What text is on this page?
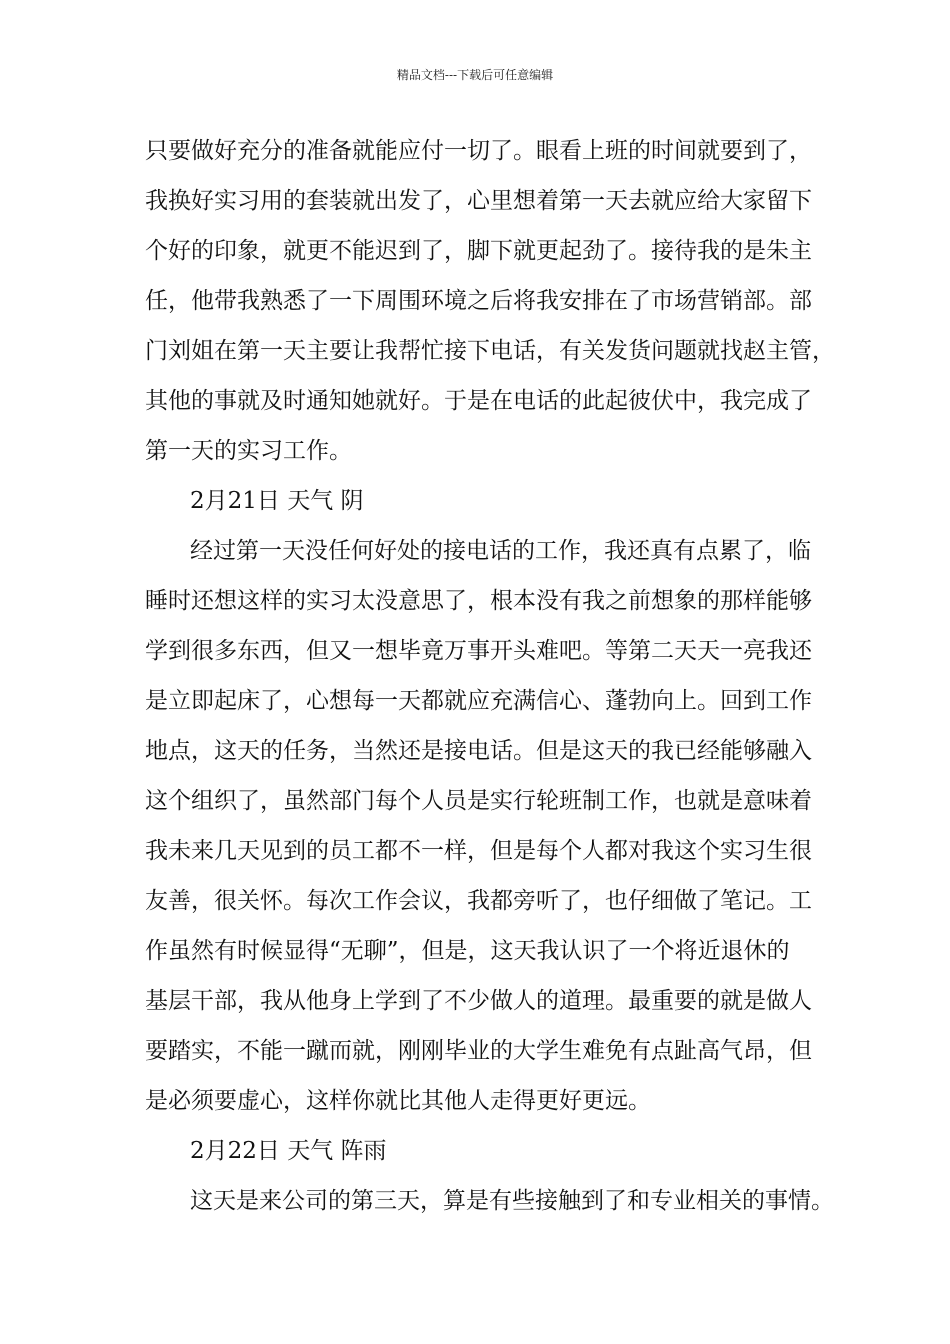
精品文档---下载后可任意编辑
只要做好充分的准备就能应付一切了。眼看上班的时间就要到了，
我换好实习用的套装就出发了，心里想着第一天去就应给大家留下
个好的印象，就更不能迟到了，脚下就更起劲了。接待我的是朱主
任，他带我熟悉了一下周围环境之后将我安排在了市场营销部。部
门刘姐在第一天主要让我帮忙接下电话，有关发货问题就找赵主管，
其他的事就及时通知她就好。于是在电话的此起彼伏中，我完成了
第一天的实习工作。
2月21日 天气 阴
经过第一天没任何好处的接电话的工作，我还真有点累了，临
睡时还想这样的实习太没意思了，根本没有我之前想象的那样能够
学到很多东西，但又一想毕竟万事开头难吧。等第二天天一亮我还
是立即起床了，心想每一天都就应充满信心、蓬勃向上。回到工作
地点，这天的任务，当然还是接电话。但是这天的我已经能够融入
这个组织了，虽然部门每个人员是实行轮班制工作，也就是意味着
我未来几天见到的员工都不一样，但是每个人都对我这个实习生很
友善，很关怀。每次工作会议，我都旁听了，也仔细做了笔记。工
作虽然有时候显得“无聊”，但是，这天我认识了一个将近退休的
基层干部，我从他身上学到了不少做人的道理。最重要的就是做人
要踏实，不能一蹴而就，刚刚毕业的大学生难免有点趾高气昂，但
是必须要虚心，这样你就比其他人走得更好更远。
2月22日 天气 阵雨
这天是来公司的第三天，算是有些接触到了和专业相关的事情。
